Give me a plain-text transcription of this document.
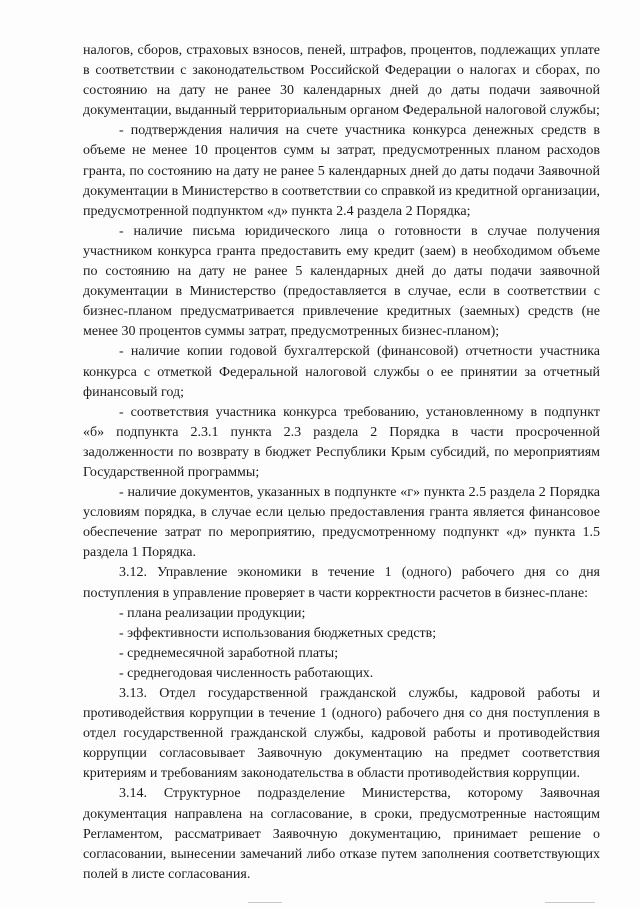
налогов, сборов, страховых взносов, пеней, штрафов, процентов, подлежащих уплате в соответствии с законодательством Российской Федерации о налогах и сборах, по состоянию на дату не ранее 30 календарных дней до даты подачи заявочной документации, выданный территориальным органом Федеральной налоговой службы;

- подтверждения наличия на счете участника конкурса денежных средств в объеме не менее 10 процентов сумм ы затрат, предусмотренных планом расходов гранта, по состоянию на дату не ранее 5 календарных дней до даты подачи Заявочной документации в Министерство в соответствии со справкой из кредитной организации, предусмотренной подпунктом «д» пункта 2.4 раздела 2 Порядка;

- наличие письма юридического лица о готовности в случае получения участником конкурса гранта предоставить ему кредит (заем) в необходимом объеме по состоянию на дату не ранее 5 календарных дней до даты подачи заявочной документации в Министерство (предоставляется в случае, если в соответствии с бизнес-планом предусматривается привлечение кредитных (заемных) средств (не менее 30 процентов суммы затрат, предусмотренных бизнес-планом);

- наличие копии годовой бухгалтерской (финансовой) отчетности участника конкурса с отметкой Федеральной налоговой службы о ее принятии за отчетный финансовый год;

- соответствия участника конкурса требованию, установленному в подпункт «б» подпункта 2.3.1 пункта 2.3 раздела 2 Порядка в части просроченной задолженности по возврату в бюджет Республики Крым субсидий, по мероприятиям Государственной программы;

- наличие документов, указанных в подпункте «г» пункта 2.5 раздела 2 Порядка условиям порядка, в случае если целью предоставления гранта является финансовое обеспечение затрат по мероприятию, предусмотренному подпункт «д» пункта 1.5 раздела 1 Порядка.

3.12. Управление экономики в течение 1 (одного) рабочего дня со дня поступления в управление проверяет в части корректности расчетов в бизнес-плане:

- плана реализации продукции;

- эффективности использования бюджетных средств;

- среднемесячной заработной платы;

- среднегодовая численность работающих.

3.13. Отдел государственной гражданской службы, кадровой работы и противодействия коррупции в течение 1 (одного) рабочего дня со дня поступления в отдел государственной гражданской службы, кадровой работы и противодействия коррупции согласовывает Заявочную документацию на предмет соответствия критериям и требованиям законодательства в области противодействия коррупции.

3.14. Структурное подразделение Министерства, которому Заявочная документация направлена на согласование, в сроки, предусмотренные настоящим Регламентом, рассматривает Заявочную документацию, принимает решение о согласовании, вынесении замечаний либо отказе путем заполнения соответствующих полей в листе согласования.
